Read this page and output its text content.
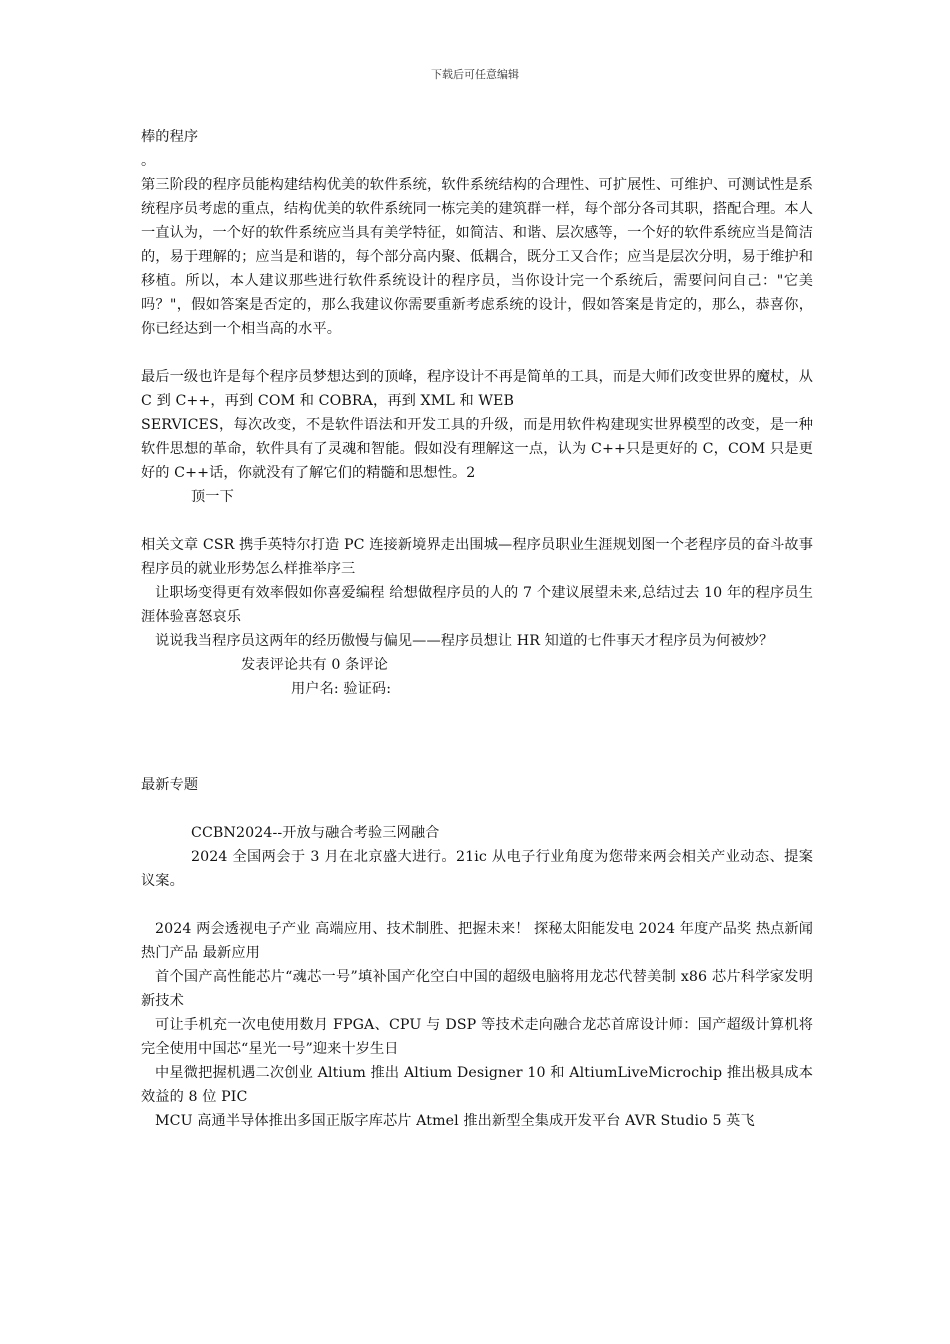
下载后可任意编辑

棒的程序

。

第三阶段的程序员能构建结构优美的软件系统，软件系统结构的合理性、可扩展性、可维护、可测试性是系统程序员考虑的重点，结构优美的软件系统同一栋完美的建筑群一样，每个部分各司其职，搭配合理。本人一直认为，一个好的软件系统应当具有美学特征，如简洁、和谐、层次感等，一个好的软件系统应当是简洁的，易于理解的；应当是和谐的，每个部分高内聚、低耦合，既分工又合作；应当是层次分明，易于维护和移植。所以，本人建议那些进行软件系统设计的程序员，当你设计完一个系统后，需要问问自己："它美吗？"，假如答案是否定的，那么我建议你需要重新考虑系统的设计，假如答案是肯定的，那么，恭喜你，你已经达到一个相当高的水平。

最后一级也许是每个程序员梦想达到的顶峰，程序设计不再是简单的工具，而是大师们改变世界的魔杖，从 C 到 C++，再到 COM 和 COBRA，再到 XML 和 WEB

SERVICES，每次改变，不是软件语法和开发工具的升级，而是用软件构建现实世界模型的改变，是一种软件思想的革命，软件具有了灵魂和智能。假如没有理解这一点，认为 C++只是更好的 C，COM 只是更好的 C++话，你就没有了解它们的精髓和思想性。2

顶一下

相关文章 CSR 携手英特尔打造 PC 连接新境界走出围城—程序员职业生涯规划图一个老程序员的奋斗故事程序员的就业形势怎么样推举序三

让职场变得更有效率假如你喜爱编程 给想做程序员的人的 7 个建议展望未来,总结过去 10 年的程序员生涯体验喜怒哀乐

说说我当程序员这两年的经历傲慢与偏见——程序员想让 HR 知道的七件事天才程序员为何被炒？

发表评论共有 0 条评论

用户名: 验证码:

最新专题

CCBN2024--开放与融合考验三网融合

2024 全国两会于 3 月在北京盛大进行。21ic 从电子行业角度为您带来两会相关产业动态、提案议案。

2024 两会透视电子产业 高端应用、技术制胜、把握未来！ 探秘太阳能发电 2024 年度产品奖 热点新闻 热门产品 最新应用

首个国产高性能芯片“魂芯一号”填补国产化空白中国的超级电脑将用龙芯代替美制 x86 芯片科学家发明新技术

可让手机充一次电使用数月 FPGA、CPU 与 DSP 等技术走向融合龙芯首席设计师：国产超级计算机将完全使用中国芯“星光一号”迎来十岁生日

中星微把握机遇二次创业 Altium 推出 Altium Designer 10 和 AltiumLiveMicrochip 推出极具成本效益的 8 位 PIC

MCU 高通半导体推出多国正版字库芯片 Atmel 推出新型全集成开发平台 AVR Studio 5 英飞
